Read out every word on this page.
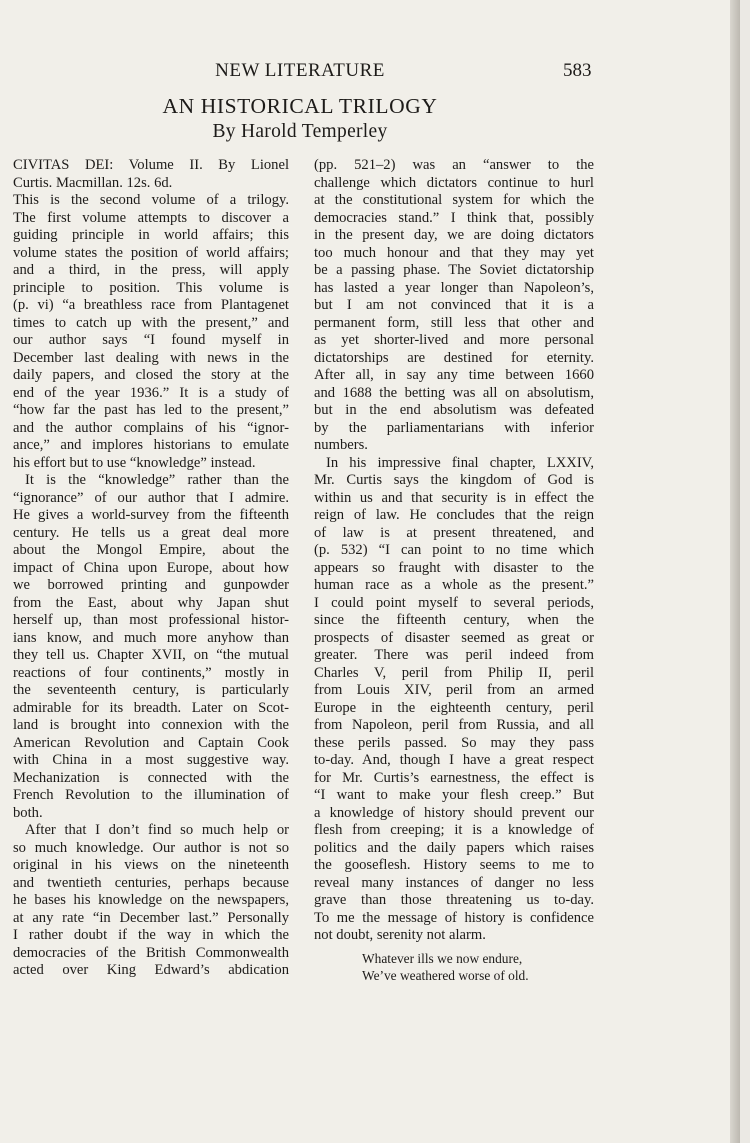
NEW LITERATURE	583
AN HISTORICAL TRILOGY
By Harold Temperley
CIVITAS DEI: Volume II. By Lionel
Curtis. Macmillan. 12s. 6d.
This is the second volume of a trilogy.
The first volume attempts to discover a
guiding principle in world affairs; this
volume states the position of world affairs;
and a third, in the press, will apply
principle to position. This volume is
(p. vi) “a breathless race from Plantagenet
times to catch up with the present,” and
our author says “I found myself in
December last dealing with news in the
daily papers, and closed the story at the
end of the year 1936.” It is a study of
“how far the past has led to the present,”
and the author complains of his “ignor-
ance,” and implores historians to emulate
his effort but to use “knowledge” instead.
It is the “knowledge” rather than the
“ignorance” of our author that I admire.
He gives a world-survey from the fifteenth
century. He tells us a great deal more
about the Mongol Empire, about the
impact of China upon Europe, about how
we borrowed printing and gunpowder
from the East, about why Japan shut
herself up, than most professional histor-
ians know, and much more anyhow than
they tell us. Chapter XVII, on “the mutual
reactions of four continents,” mostly in
the seventeenth century, is particularly
admirable for its breadth. Later on Scot-
land is brought into connexion with the
American Revolution and Captain Cook
with China in a most suggestive way.
Mechanization is connected with the
French Revolution to the illumination of
both.
After that I don’t find so much help or
so much knowledge. Our author is not so
original in his views on the nineteenth
and twentieth centuries, perhaps because
he bases his knowledge on the newspapers,
at any rate “in December last.” Personally
I rather doubt if the way in which the
democracies of the British Commonwealth
acted over King Edward’s abdication
(pp. 521–2) was an “answer to the
challenge which dictators continue to hurl
at the constitutional system for which the
democracies stand.” I think that, possibly
in the present day, we are doing dictators
too much honour and that they may yet
be a passing phase. The Soviet dictatorship
has lasted a year longer than Napoleon’s,
but I am not convinced that it is a
permanent form, still less that other and
as yet shorter-lived and more personal
dictatorships are destined for eternity.
After all, in say any time between 1660
and 1688 the betting was all on absolutism,
but in the end absolutism was defeated
by the parliamentarians with inferior
numbers.
In his impressive final chapter, LXXIV,
Mr. Curtis says the kingdom of God is
within us and that security is in effect the
reign of law. He concludes that the reign
of law is at present threatened, and
(p. 532) “I can point to no time which
appears so fraught with disaster to the
human race as a whole as the present.”
I could point myself to several periods,
since the fifteenth century, when the
prospects of disaster seemed as great or
greater. There was peril indeed from
Charles V, peril from Philip II, peril
from Louis XIV, peril from an armed
Europe in the eighteenth century, peril
from Napoleon, peril from Russia, and all
these perils passed. So may they pass
to-day. And, though I have a great respect
for Mr. Curtis’s earnestness, the effect is
“I want to make your flesh creep.” But
a knowledge of history should prevent our
flesh from creeping; it is a knowledge of
politics and the daily papers which raises
the gooseflesh. History seems to me to
reveal many instances of danger no less
grave than those threatening us to-day.
To me the message of history is confidence
not doubt, serenity not alarm.
Whatever ills we now endure,
We’ve weathered worse of old.
